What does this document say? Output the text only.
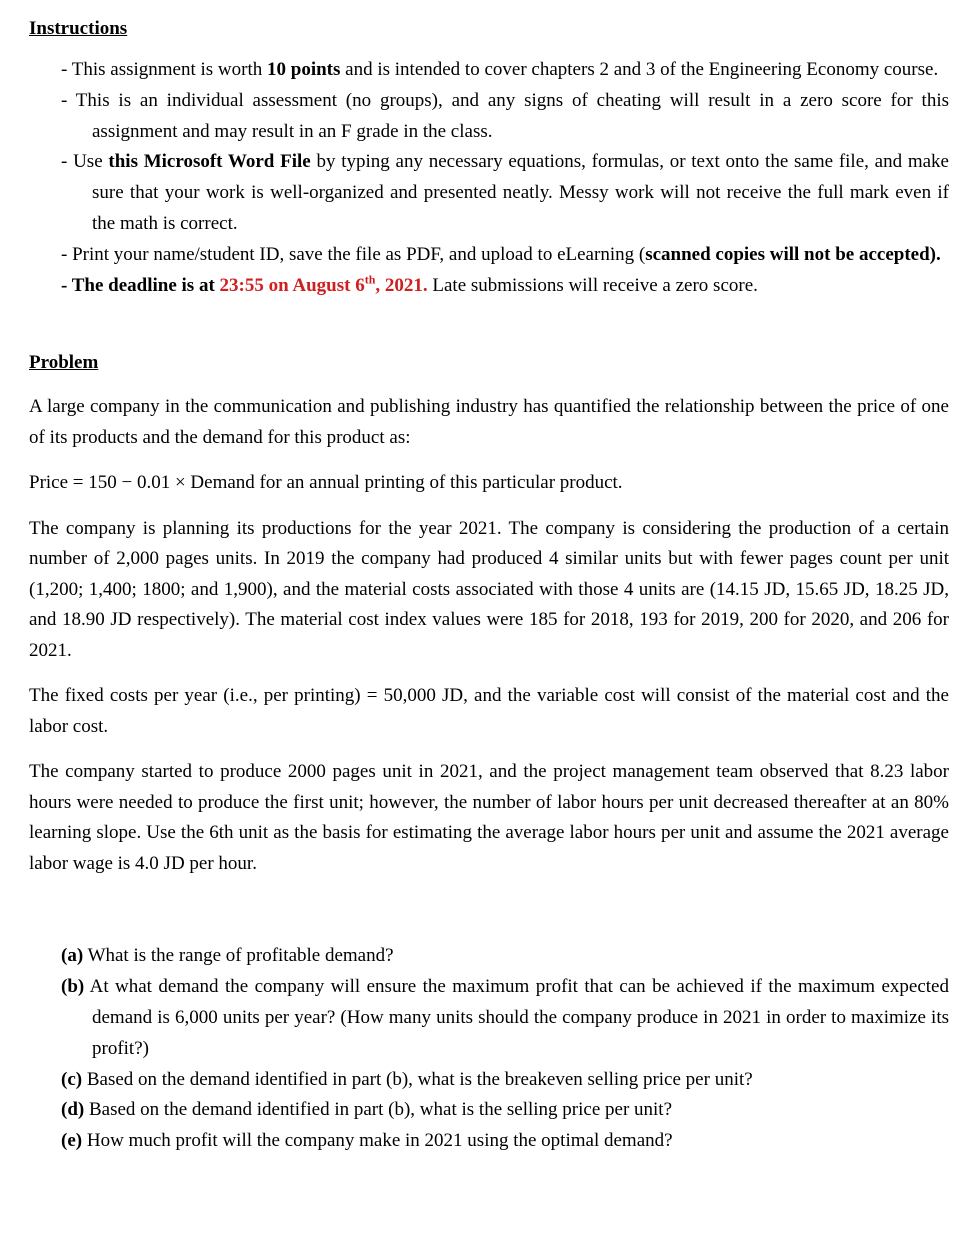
Instructions

- This assignment is worth 10 points and is intended to cover chapters 2 and 3 of the Engineering Economy course.
- This is an individual assessment (no groups), and any signs of cheating will result in a zero score for this assignment and may result in an F grade in the class.
- Use this Microsoft Word File by typing any necessary equations, formulas, or text onto the same file, and make sure that your work is well-organized and presented neatly. Messy work will not receive the full mark even if the math is correct.
- Print your name/student ID, save the file as PDF, and upload to eLearning (scanned copies will not be accepted).
- The deadline is at 23:55 on August 6th, 2021. Late submissions will receive a zero score.

Problem

A large company in the communication and publishing industry has quantified the relationship between the price of one of its products and the demand for this product as:

Price = 150 − 0.01 × Demand for an annual printing of this particular product.

The company is planning its productions for the year 2021. The company is considering the production of a certain number of 2,000 pages units. In 2019 the company had produced 4 similar units but with fewer pages count per unit (1,200; 1,400; 1800; and 1,900), and the material costs associated with those 4 units are (14.15 JD, 15.65 JD, 18.25 JD, and 18.90 JD respectively). The material cost index values were 185 for 2018, 193 for 2019, 200 for 2020, and 206 for 2021.

The fixed costs per year (i.e., per printing) = 50,000 JD, and the variable cost will consist of the material cost and the labor cost.

The company started to produce 2000 pages unit in 2021, and the project management team observed that 8.23 labor hours were needed to produce the first unit; however, the number of labor hours per unit decreased thereafter at an 80% learning slope. Use the 6th unit as the basis for estimating the average labor hours per unit and assume the 2021 average labor wage is 4.0 JD per hour.

(a) What is the range of profitable demand?
(b) At what demand the company will ensure the maximum profit that can be achieved if the maximum expected demand is 6,000 units per year? (How many units should the company produce in 2021 in order to maximize its profit?)
(c) Based on the demand identified in part (b), what is the breakeven selling price per unit?
(d) Based on the demand identified in part (b), what is the selling price per unit?
(e) How much profit will the company make in 2021 using the optimal demand?
